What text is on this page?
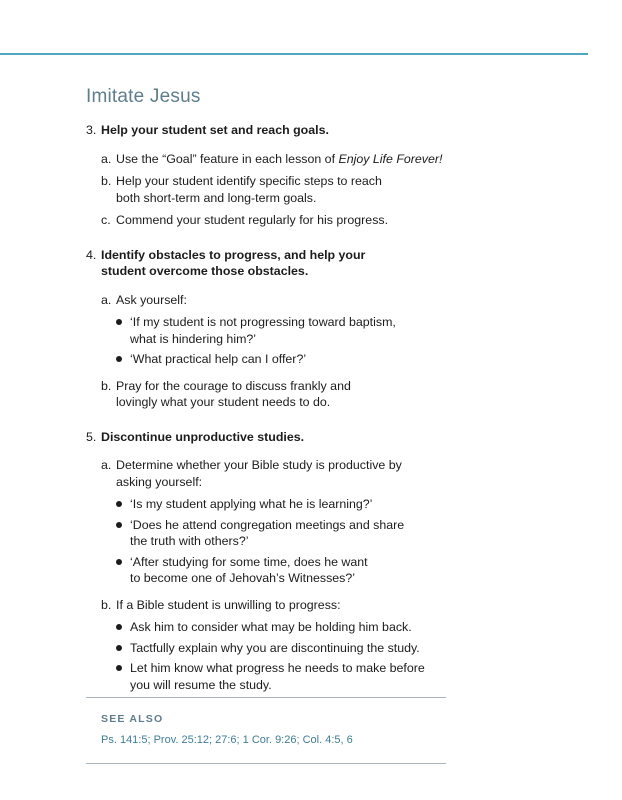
Imitate Jesus
3. Help your student set and reach goals.
a. Use the “Goal” feature in each lesson of Enjoy Life Forever!
b. Help your student identify specific steps to reach
both short-term and long-term goals.
c. Commend your student regularly for his progress.
4. Identify obstacles to progress, and help your
student overcome those obstacles.
a. Ask yourself:
‘If my student is not progressing toward baptism,
what is hindering him?’
‘What practical help can I offer?’
b. Pray for the courage to discuss frankly and
lovingly what your student needs to do.
5. Discontinue unproductive studies.
a. Determine whether your Bible study is productive by
asking yourself:
‘Is my student applying what he is learning?’
‘Does he attend congregation meetings and share
the truth with others?’
‘After studying for some time, does he want
to become one of Jehovah’s Witnesses?’
b. If a Bible student is unwilling to progress:
Ask him to consider what may be holding him back.
Tactfully explain why you are discontinuing the study.
Let him know what progress he needs to make before
you will resume the study.
SEE ALSO
Ps. 141:5; Prov. 25:12; 27:6; 1 Cor. 9:26; Col. 4:5, 6
